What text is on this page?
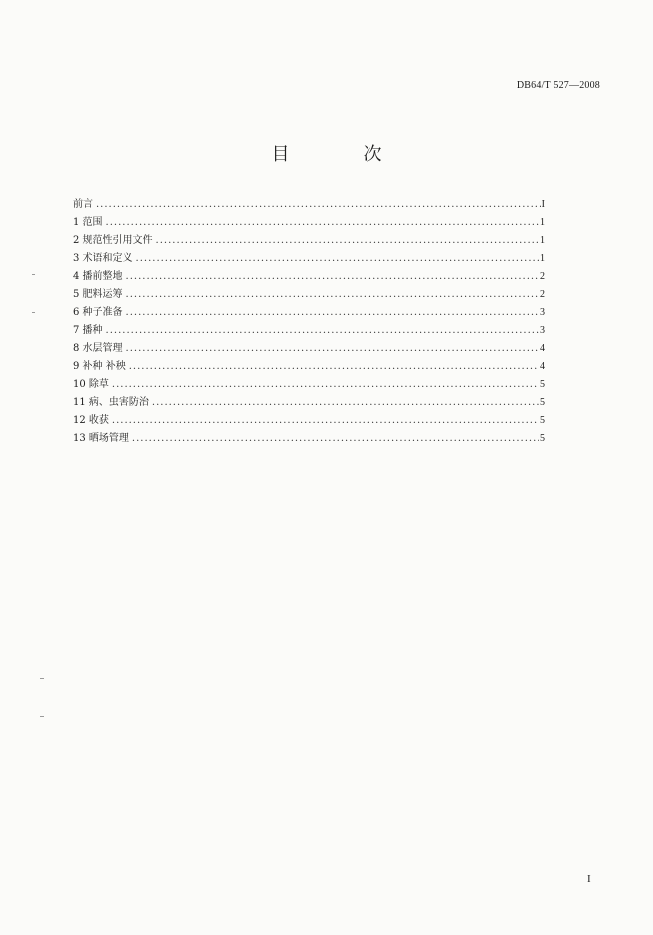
DB64/T 527—2008
目　次
前言 .....	I
1 范围 .....	1
2 规范性引用文件 .....	1
3 术语和定义 .....	1
4 播前整地 .....	2
5 肥料运筹 .....	2
6 种子准备 .....	3
7 播种 .....	3
8 水层管理 .....	4
9 补种 补秧 .....	4
10 除草 .....	5
11 病、虫害防治 .....	5
12 收获 .....	5
13 晒场管理 .....	5
I
